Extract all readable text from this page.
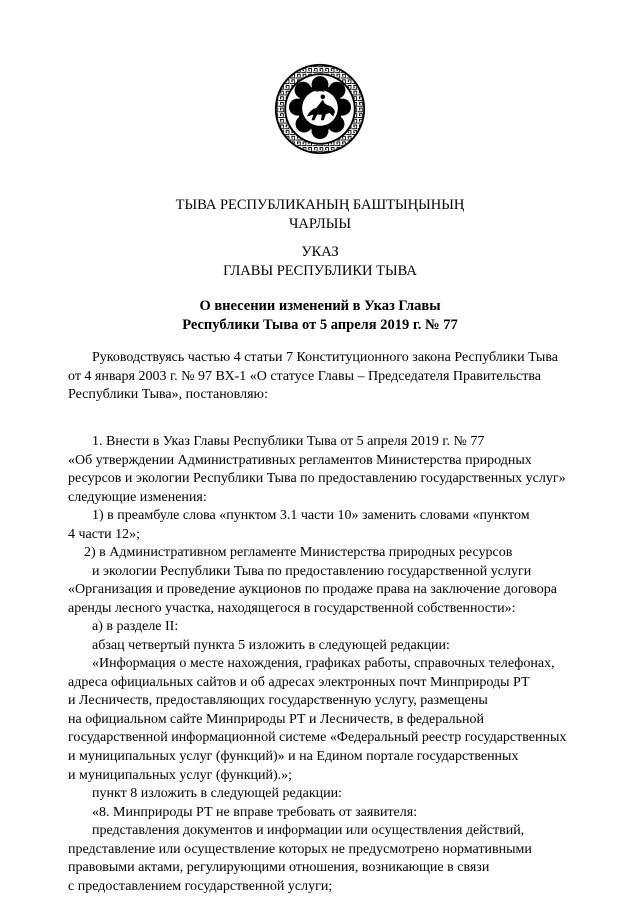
ТЫВА РЕСПУБЛИКАНЫҢ БАШТЫҢЫНЫҢ
ЧАРЛЫЫ
УКАЗ
ГЛАВЫ РЕСПУБЛИКИ ТЫВА
О внесении изменений в Указ Главы
Республики Тыва от 5 апреля 2019 г. № 77

Руководствуясь частью 4 статьи 7 Конституционного закона Республики Тыва

от 4 января 2003 г. № 97 ВХ-1 «О статусе Главы – Председателя Правительства

Республики Тыва», постановляю:

1. Внести в Указ Главы Республики Тыва от 5 апреля 2019 г. № 77

«Об утверждении Административных регламентов Министерства природных

ресурсов и экологии Республики Тыва по предоставлению государственных услуг»

следующие изменения:

1) в преамбуле слова «пунктом 3.1 части 10» заменить словами «пунктом

4 части 12»;

2) в Административном регламенте Министерства природных ресурсов

и экологии Республики Тыва по предоставлению государственной услуги

«Организация и проведение аукционов по продаже права на заключение договора

аренды лесного участка, находящегося в государственной собственности»:

а) в разделе II:

абзац четвертый пункта 5 изложить в следующей редакции:

«Информация о месте нахождения, графиках работы, справочных телефонах,

адреса официальных сайтов и об адресах электронных почт Минприроды РТ

и Лесничеств, предоставляющих государственную услугу, размещены

на официальном сайте Минприроды РТ и Лесничеств, в федеральной

государственной информационной системе «Федеральный реестр государственных

и муниципальных услуг (функций)» и на Едином портале государственных

и муниципальных услуг (функций).»;

пункт 8 изложить в следующей редакции:

«8. Минприроды РТ не вправе требовать от заявителя:

представления документов и информации или осуществления действий,

представление или осуществление которых не предусмотрено нормативными

правовыми актами, регулирующими отношения, возникающие в связи

с предоставлением государственной услуги;
